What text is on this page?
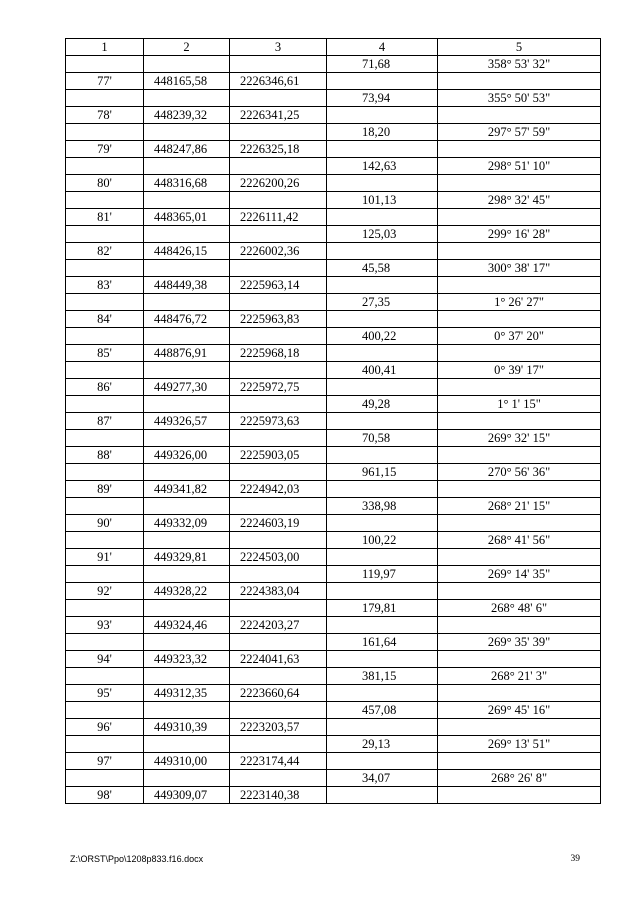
1	2	3	4	5
			71,68	358° 53' 32"
77'	448165,58	2226346,61		
			73,94	355° 50' 53"
78'	448239,32	2226341,25		
			18,20	297° 57' 59"
79'	448247,86	2226325,18		
			142,63	298° 51' 10"
80'	448316,68	2226200,26		
			101,13	298° 32' 45"
81'	448365,01	2226111,42		
			125,03	299° 16' 28"
82'	448426,15	2226002,36		
			45,58	300° 38' 17"
83'	448449,38	2225963,14		
			27,35	1° 26' 27"
84'	448476,72	2225963,83		
			400,22	0° 37' 20"
85'	448876,91	2225968,18		
			400,41	0° 39' 17"
86'	449277,30	2225972,75		
			49,28	1° 1' 15"
87'	449326,57	2225973,63		
			70,58	269° 32' 15"
88'	449326,00	2225903,05		
			961,15	270° 56' 36"
89'	449341,82	2224942,03		
			338,98	268° 21' 15"
90'	449332,09	2224603,19		
			100,22	268° 41' 56"
91'	449329,81	2224503,00		
			119,97	269° 14' 35"
92'	449328,22	2224383,04		
			179,81	268° 48' 6"
93'	449324,46	2224203,27		
			161,64	269° 35' 39"
94'	449323,32	2224041,63		
			381,15	268° 21' 3"
95'	449312,35	2223660,64		
			457,08	269° 45' 16"
96'	449310,39	2223203,57		
			29,13	269° 13' 51"
97'	449310,00	2223174,44		
			34,07	268° 26' 8"
98'	449309,07	2223140,38		
Z:\ORST\Ppo\1208p833.f16.docx	39
